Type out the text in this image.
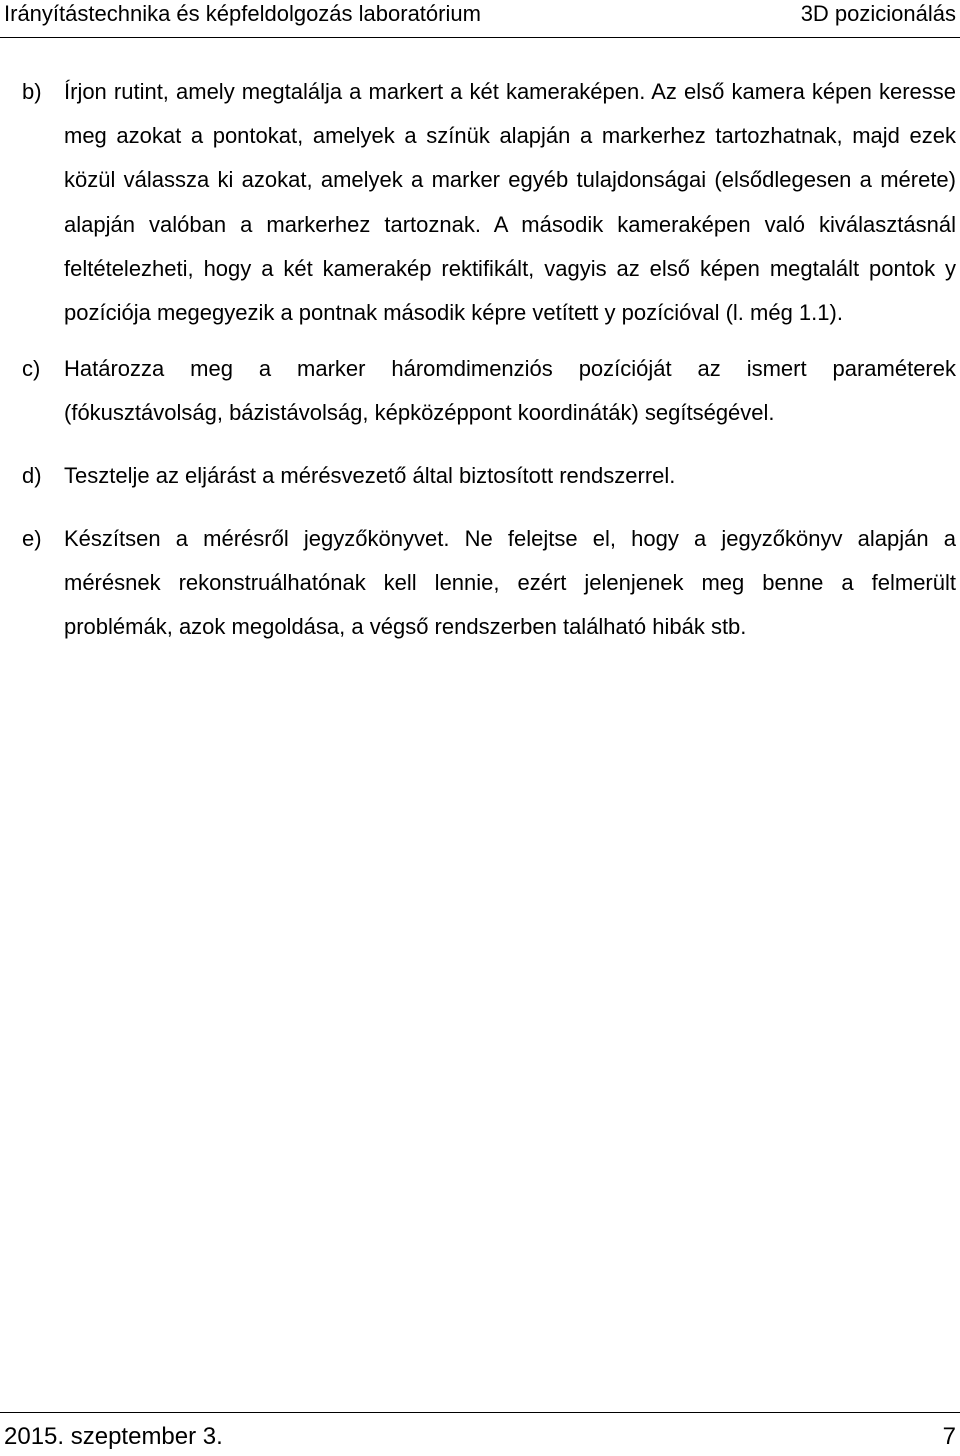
Irányítástechnika és képfeldolgozás laboratórium	3D pozicionálás
b) Írjon rutint, amely megtalálja a markert a két kameraképen. Az első kamera képen keresse meg azokat a pontokat, amelyek a színük alapján a markerhez tartozhatnak, majd ezek közül válassza ki azokat, amelyek a marker egyéb tulajdonságai (elsődlegesen a mérete) alapján valóban a markerhez tartoznak. A második kameraképen való kiválasztásnál feltételezheti, hogy a két kamerakép rektifikált, vagyis az első képen megtalált pontok y pozíciója megegyezik a pontnak második képre vetített y pozícióval (l. még 1.1).
c) Határozza meg a marker háromdimenziós pozícióját az ismert paraméterek (fókusztávolság, bázistávolság, képközéppont koordináták) segítségével.
d) Tesztelje az eljárást a mérésvezető által biztosított rendszerrel.
e) Készítsen a mérésről jegyzőkönyvet. Ne felejtse el, hogy a jegyzőkönyv alapján a mérésnek rekonstruálhatónak kell lennie, ezért jelenjenek meg benne a felmerült problémák, azok megoldása, a végső rendszerben található hibák stb.
2015. szeptember 3.	7
